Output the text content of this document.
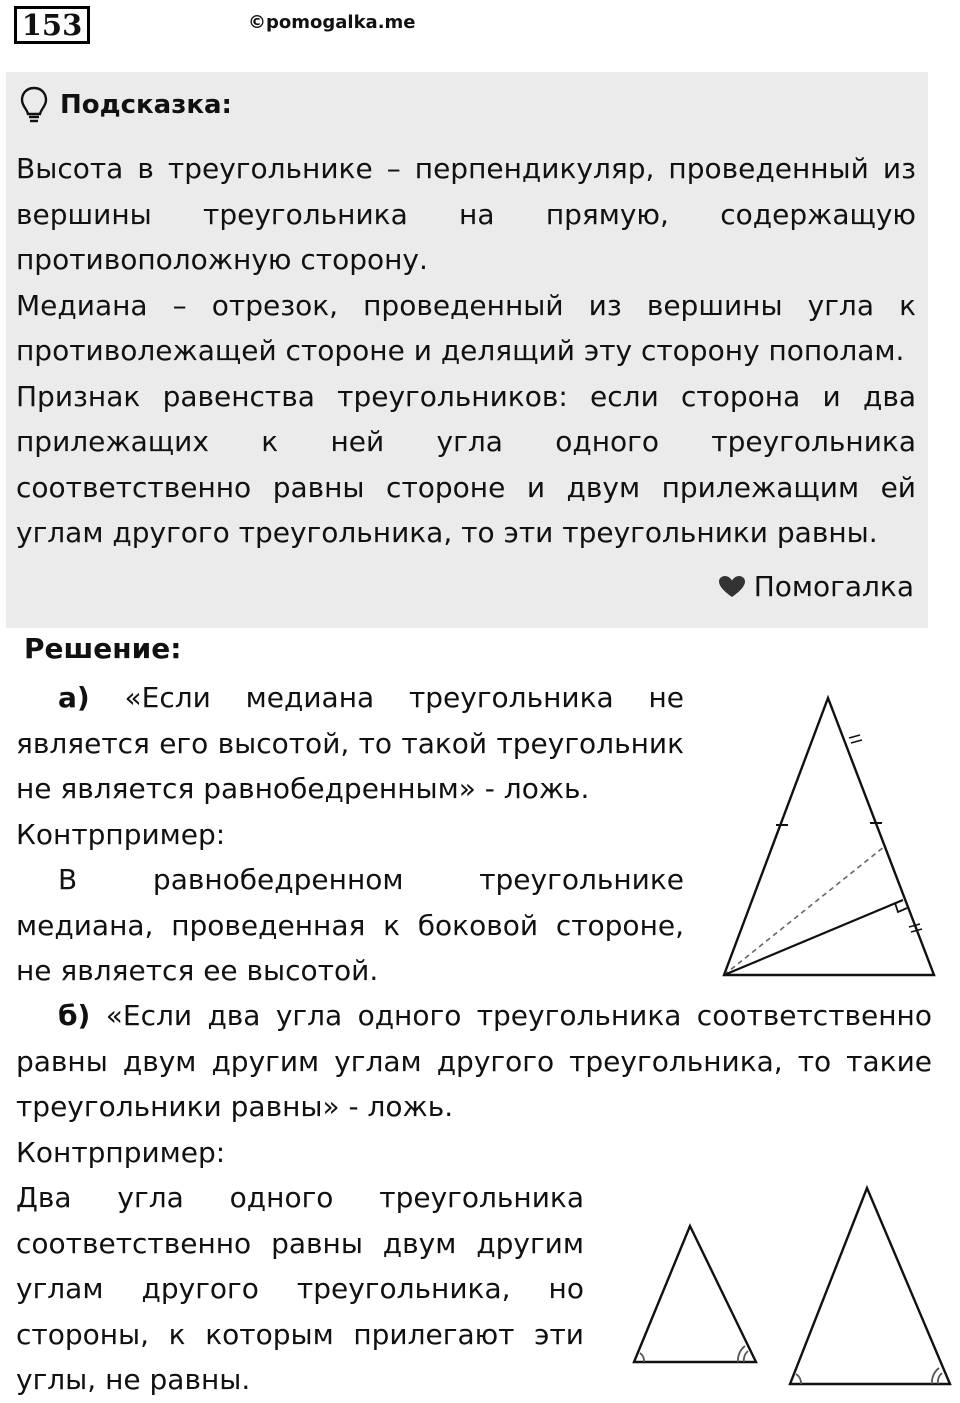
153	©pomogalka.me
Подсказка:

Высота в треугольнике – перпендикуляр, проведенный из вершины треугольника на прямую, содержащую противоположную сторону.

Медиана – отрезок, проведенный из вершины угла к противолежащей стороне и делящий эту сторону пополам.

Признак равенства треугольников: если сторона и два прилежащих к ней угла одного треугольника соответственно равны стороне и двум прилежащим ей углам другого треугольника, то эти треугольники равны.

Помогалка
Решение:

а) «Если медиана треугольника не является его высотой, то такой треугольник не является равнобедренным» - ложь.

Контрпример:

В равнобедренном треугольнике медиана, проведенная к боковой стороне, не является ее высотой.

б) «Если два угла одного треугольника соответственно равны двум другим углам другого треугольника, то такие треугольники равны» - ложь.

Контрпример:

Два угла одного треугольника соответственно равны двум другим углам другого треугольника, но стороны, к которым прилегают эти углы, не равны.
